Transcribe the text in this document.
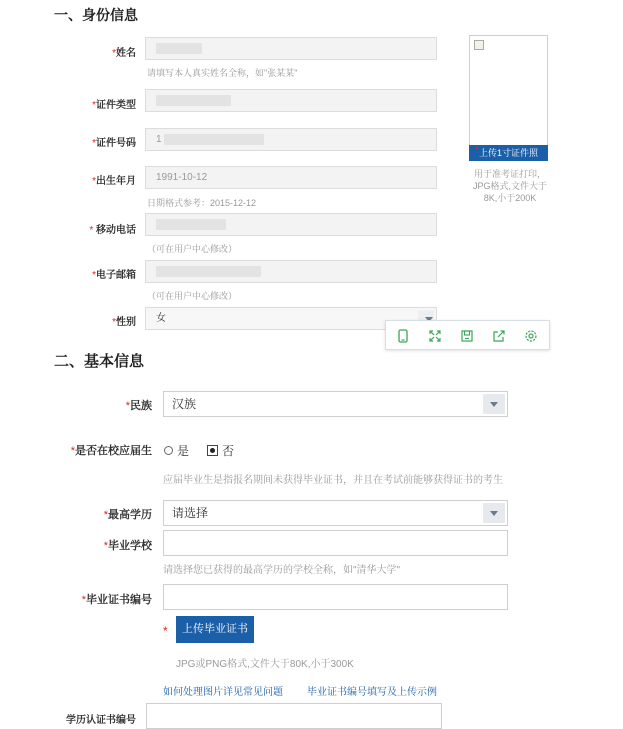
一、身份信息
*姓名
请填写本人真实姓名全称，如"张某某"
*证件类型
*证件号码	1
*出生年月	1991-10-12
日期格式参考：2015-12-12
* 移动电话
（可在用户中心修改）
*电子邮箱
（可在用户中心修改）
*性别	女
* 上传1寸证件照
用于准考证打印，JPG格式,文件大于8K,小于200K
二、基本信息
*民族	汉族
*是否在校应届生 是	否
应届毕业生是指报名期间未获得毕业证书，并且在考试前能够获得证书的考生
*最高学历	请选择
*毕业学校
请选择您已获得的最高学历的学校全称，如"清华大学"
*毕业证书编号
*	上传毕业证书
JPG或PNG格式,文件大于80K,小于300K
如何处理图片详见常见问题 毕业证书编号填写及上传示例
学历认证书编号
